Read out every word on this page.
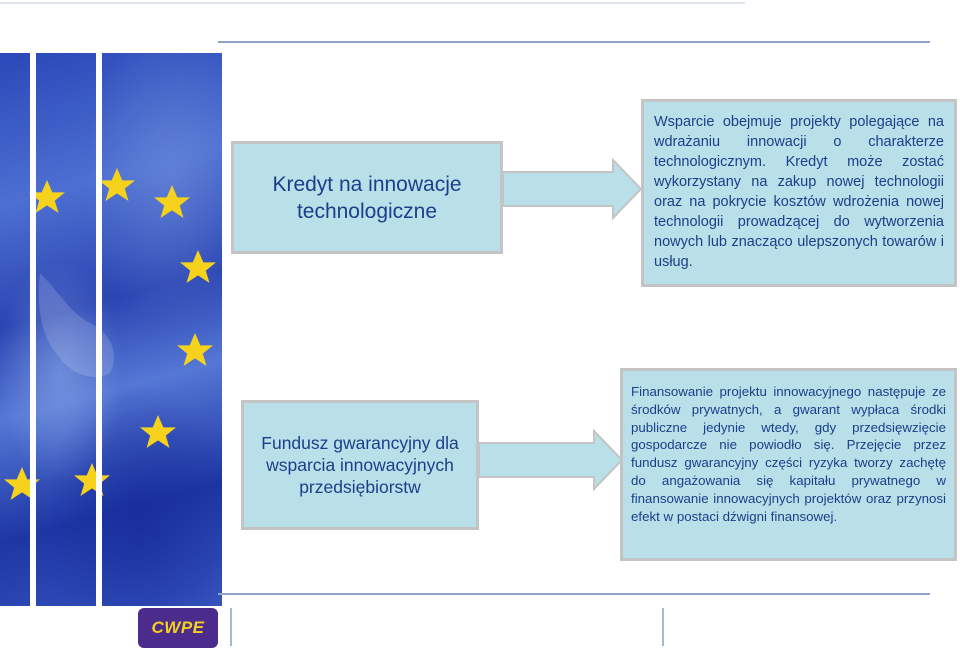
Kredyt na innowacje technologiczne
Wsparcie obejmuje projekty polegające na wdrażaniu innowacji o charakterze technologicznym. Kredyt może zostać wykorzystany na zakup nowej technologii oraz na pokrycie kosztów wdrożenia nowej technologii prowadzącej do wytworzenia nowych lub znacząco ulepszonych towarów i usług.
Fundusz gwarancyjny dla wsparcia innowacyjnych przedsiębiorstw
Finansowanie projektu innowacyjnego następuje ze środków prywatnych, a gwarant wypłaca środki publiczne jedynie wtedy, gdy przedsięwzięcie gospodarcze nie powiodło się. Przejęcie przez fundusz gwarancyjny części ryzyka tworzy zachętę do angażowania się kapitału prywatnego w finansowanie innowacyjnych projektów oraz przynosi efekt w postaci dźwigni finansowej.
CWPE
